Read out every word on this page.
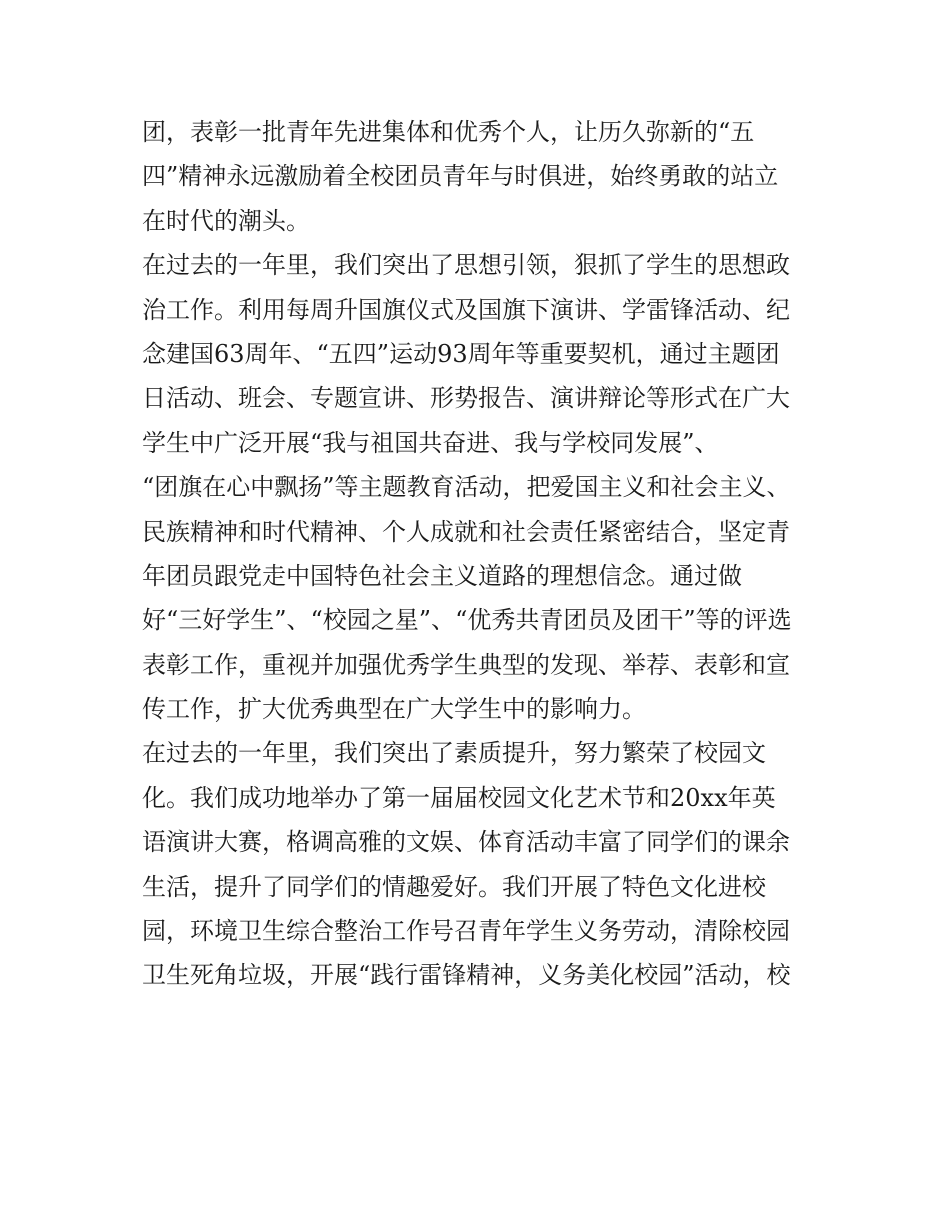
团，表彰一批青年先进集体和优秀个人，让历久弥新的“五
四”精神永远激励着全校团员青年与时俱进，始终勇敢的站立
在时代的潮头。
在过去的一年里，我们突出了思想引领，狠抓了学生的思想政
治工作。利用每周升国旗仪式及国旗下演讲、学雷锋活动、纪
念建国63周年、“五四”运动93周年等重要契机，通过主题团
日活动、班会、专题宣讲、形势报告、演讲辩论等形式在广大
学生中广泛开展“我与祖国共奋进、我与学校同发展”、
“团旗在心中飘扬”等主题教育活动，把爱国主义和社会主义、
民族精神和时代精神、个人成就和社会责任紧密结合，坚定青
年团员跟党走中国特色社会主义道路的理想信念。通过做
好“三好学生”、“校园之星”、“优秀共青团员及团干”等的评选
表彰工作，重视并加强优秀学生典型的发现、举荐、表彰和宣
传工作，扩大优秀典型在广大学生中的影响力。
在过去的一年里，我们突出了素质提升，努力繁荣了校园文
化。我们成功地举办了第一届届校园文化艺术节和20xx年英
语演讲大赛，格调高雅的文娱、体育活动丰富了同学们的课余
生活，提升了同学们的情趣爱好。我们开展了特色文化进校
园，环境卫生综合整治工作号召青年学生义务劳动，清除校园
卫生死角垃圾，开展“践行雷锋精神，义务美化校园”活动，校
